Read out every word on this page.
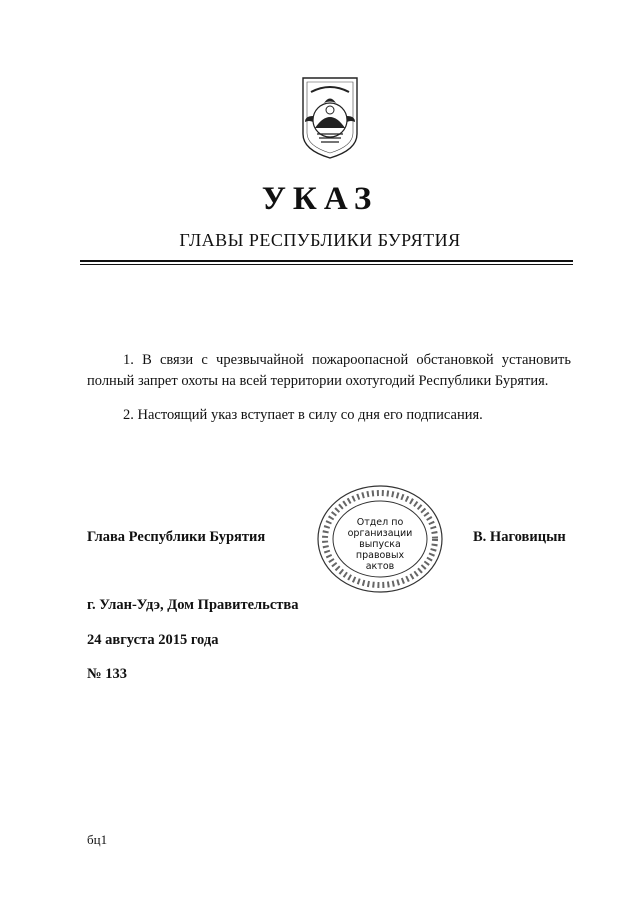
УКАЗ
ГЛАВЫ РЕСПУБЛИКИ БУРЯТИЯ
1. В связи с чрезвычайной пожароопасной обстановкой установить полный запрет охоты на всей территории охотугодий Республики Бурятия.
2. Настоящий указ вступает в силу со дня его подписания.
Глава Республики Бурятия	В. Наговицын
Отдел по
организации
выпуска
правовых
актов
г. Улан-Удэ, Дом Правительства
24 августа 2015 года
№ 133
бц1
